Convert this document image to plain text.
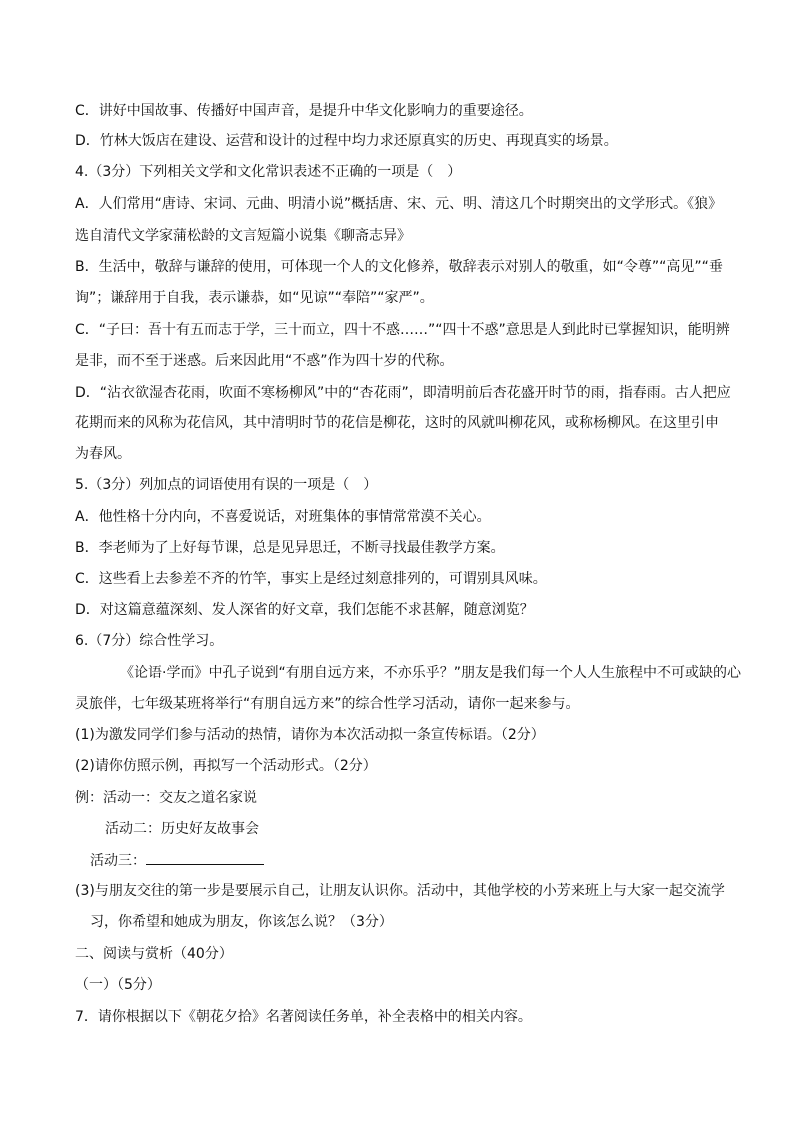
C．讲好中国故事、传播好中国声音，是提升中华文化影响力的重要途径。
D．竹林大饭店在建设、运营和设计的过程中均力求还原真实的历史、再现真实的场景。
4.（3分）下列相关文学和文化常识表述不正确的一项是（　）
A．人们常用“唐诗、宋词、元曲、明清小说”概括唐、宋、元、明、清这几个时期突出的文学形式。《狼》
选自清代文学家蒲松龄的文言短篇小说集《聊斋志异》
B．生活中，敬辞与谦辞的使用，可体现一个人的文化修养，敬辞表示对别人的敬重，如“令尊”“高见”“垂
询”；谦辞用于自我，表示谦恭，如“见谅”“奉陪”“家严”。
C．“子曰：吾十有五而志于学，三十而立，四十不惑……”“四十不惑”意思是人到此时已掌握知识，能明辨
是非，而不至于迷惑。后来因此用“不惑”作为四十岁的代称。
D．“沾衣欲湿杏花雨，吹面不寒杨柳风”中的“杏花雨”，即清明前后杏花盛开时节的雨，指春雨。古人把应
花期而来的风称为花信风，其中清明时节的花信是柳花，这时的风就叫柳花风，或称杨柳风。在这里引申
为春风。
5.（3分）列加点的词语使用有误的一项是（　）
A．他性格十分内向，不喜爱说话，对班集体的事情常常漠不关心。
B．李老师为了上好每节课，总是见异思迁，不断寻找最佳教学方案。
C．这些看上去参差不齐的竹竿，事实上是经过刻意排列的，可谓别具风味。
D．对这篇意蕴深刻、发人深省的好文章，我们怎能不求甚解，随意浏览？
6.（7分）综合性学习。
《论语·学而》中孔子说到“有朋自远方来，不亦乐乎？”朋友是我们每一个人人生旅程中不可或缺的心
灵旅伴，七年级某班将举行“有朋自远方来”的综合性学习活动，请你一起来参与。
(1)为激发同学们参与活动的热情，请你为本次活动拟一条宣传标语。（2分）
(2)请你仿照示例，再拟写一个活动形式。（2分）
例：活动一：交友之道名家说
活动二：历史好友故事会
活动三：
(3)与朋友交往的第一步是要展示自己，让朋友认识你。活动中，其他学校的小芳来班上与大家一起交流学
习，你希望和她成为朋友，你该怎么说？（3分）
二、阅读与赏析（40分）
（一）（5分）
7．请你根据以下《朝花夕拾》名著阅读任务单，补全表格中的相关内容。
